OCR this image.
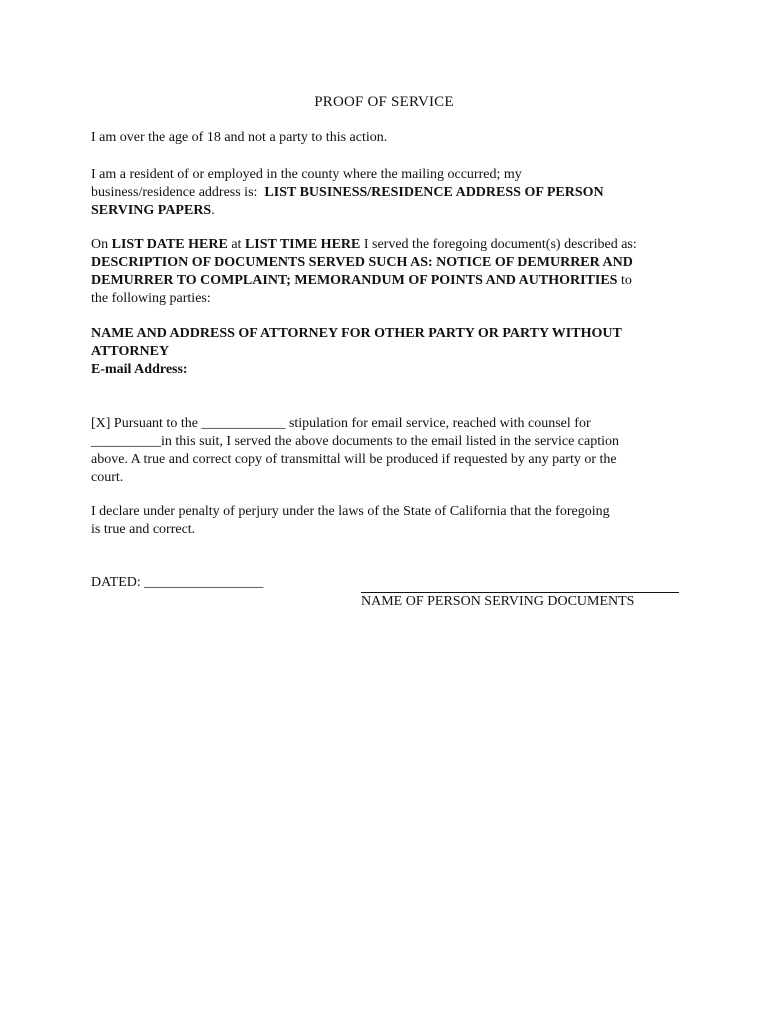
PROOF OF SERVICE
I am over the age of 18 and not a party to this action.
I am a resident of or employed in the county where the mailing occurred; my
business/residence address is:  LIST BUSINESS/RESIDENCE ADDRESS OF PERSON
SERVING PAPERS.
On LIST DATE HERE at LIST TIME HERE I served the foregoing document(s) described as:
DESCRIPTION OF DOCUMENTS SERVED SUCH AS: NOTICE OF DEMURRER AND
DEMURRER TO COMPLAINT; MEMORANDUM OF POINTS AND AUTHORITIES to
the following parties:
NAME AND ADDRESS OF ATTORNEY FOR OTHER PARTY OR PARTY WITHOUT
ATTORNEY
E-mail Address:
[X] Pursuant to the ____________ stipulation for email service, reached with counsel for
__________in this suit, I served the above documents to the email listed in the service caption
above. A true and correct copy of transmittal will be produced if requested by any party or the
court.
I declare under penalty of perjury under the laws of the State of California that the foregoing
is true and correct.
DATED: _________________
NAME OF PERSON SERVING DOCUMENTS
